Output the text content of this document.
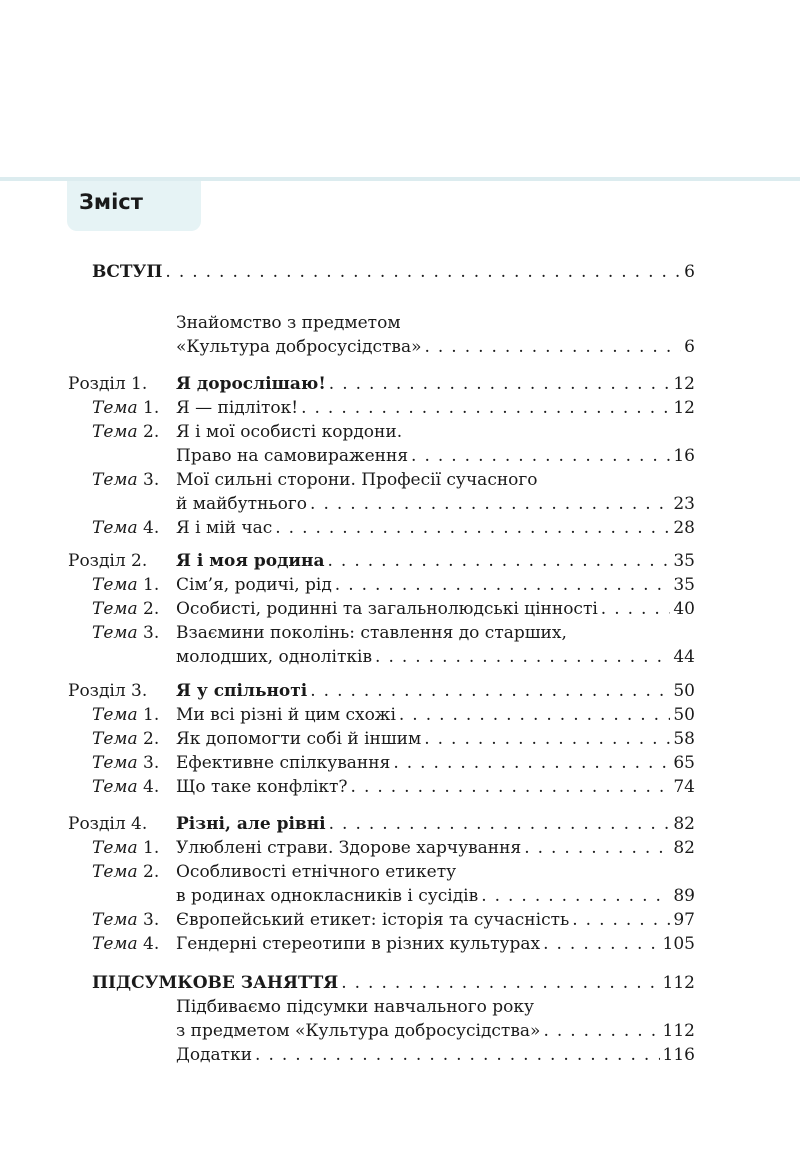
Зміст
ВСТУП . . .	6
Знайомство з предметом
«Культура добросусідства» . . .	6
Розділ 1. Я дорослішаю! . . .	12
Тема 1. Я — підліток! . . .	12
Тема 2. Я і мої особисті кордони.
Право на самовираження . . .	16
Тема 3. Мої сильні сторони. Професії сучасного
й майбутнього . . .	23
Тема 4. Я і мій час . . .	28
Розділ 2. Я і моя родина . . .	35
Тема 1. Сім’я, родичі, рід . . .	35
Тема 2. Особисті, родинні та загальнолюдські цінності . . .	40
Тема 3. Взаємини поколінь: ставлення до старших,
молодших, однолітків . . .	44
Розділ 3. Я у спільноті . . .	50
Тема 1. Ми всі різні й цим схожі . . .	50
Тема 2. Як допомогти собі й іншим . . .	58
Тема 3. Ефективне спілкування . . .	65
Тема 4. Що таке конфлікт? . . .	74
Розділ 4. Різні, але рівні . . .	82
Тема 1. Улюблені страви. Здорове харчування . . .	82
Тема 2. Особливості етнічного етикету
в родинах однокласників і сусідів . . .	89
Тема 3. Європейський етикет: історія та сучасність . . .	97
Тема 4. Гендерні стереотипи в різних культурах . . .	105
ПІДСУМКОВЕ ЗАНЯТТЯ . . .	112
Підбиваємо підсумки навчального року
з предметом «Культура добросусідства» . . .	112
Додатки . . .	116
